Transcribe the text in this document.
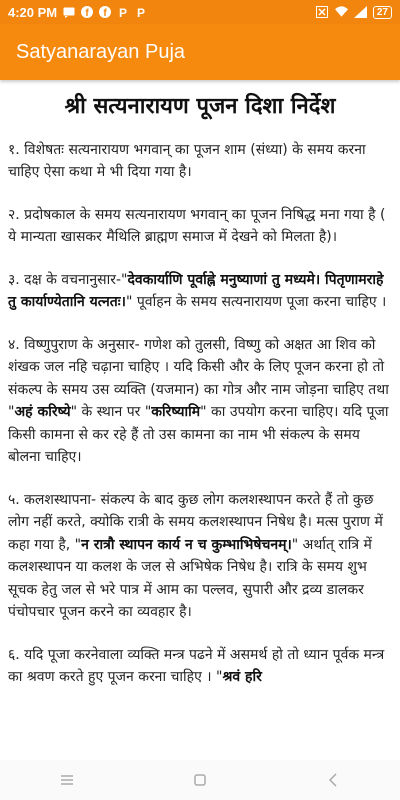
4:20 PM	f f P P	27
Satyanarayan Puja
श्री सत्यनारायण पूजन दिशा निर्देश

१. विशेषतः सत्यनारायण भगवान् का पूजन शाम (संध्या) के समय करना चाहिए ऐसा कथा मे भी दिया गया है।

२. प्रदोषकाल के समय सत्यनारायण भगवान् का पूजन निषिद्ध मना गया है ( ये मान्यता खासकर मैथिलि ब्राह्मण समाज में देखने को मिलता है)।

३. दक्ष के वचनानुसार-"देवकार्याणि पूर्वाह्ने मनुष्याणां तु मध्यमे। पितृणामराहे तु कार्याण्येतानि यत्नतः।" पूर्वाहन के समय सत्यनारायण पूजा करना चाहिए ।

४. विष्णुपुराण के अनुसार- गणेश को तुलसी, विष्णु को अक्षत आ शिव को शंखक जल नहि चढ़ाना चाहिए । यदि किसी और के लिए पूजन करना हो तो संकल्प के समय उस व्यक्ति (यजमान) का गोत्र और नाम जोड़ना चाहिए तथा "अहं करिष्ये" के स्थान पर "करिष्यामि" का उपयोग करना चाहिए। यदि पूजा किसी कामना से कर रहे हैं तो उस कामना का नाम भी संकल्प के समय बोलना चाहिए।

५. कलशस्थापना- संकल्प के बाद कुछ लोग कलशस्थापन करते हैं तो कुछ लोग नहीं करते, क्योकि रात्री के समय कलशस्थापन निषेध है। मत्स पुराण में कहा गया है, "न रात्रौ स्थापन कार्य न च कुम्भाभिषेचनम्।" अर्थात् रात्रि में कलशस्थापन या कलश के जल से अभिषेक निषेध है। रात्रि के समय शुभ सूचक हेतु जल से भरे पात्र में आम का पल्लव, सुपारी और द्रव्य डालकर पंचोपचार पूजन करने का व्यवहार है।

६. यदि पूजा करनेवाला व्यक्ति मन्त्र पढने में असमर्थ हो तो ध्यान पूर्वक मन्त्र का श्रवण करते हुए पूजन करना चाहिए । "श्रवं हरि
